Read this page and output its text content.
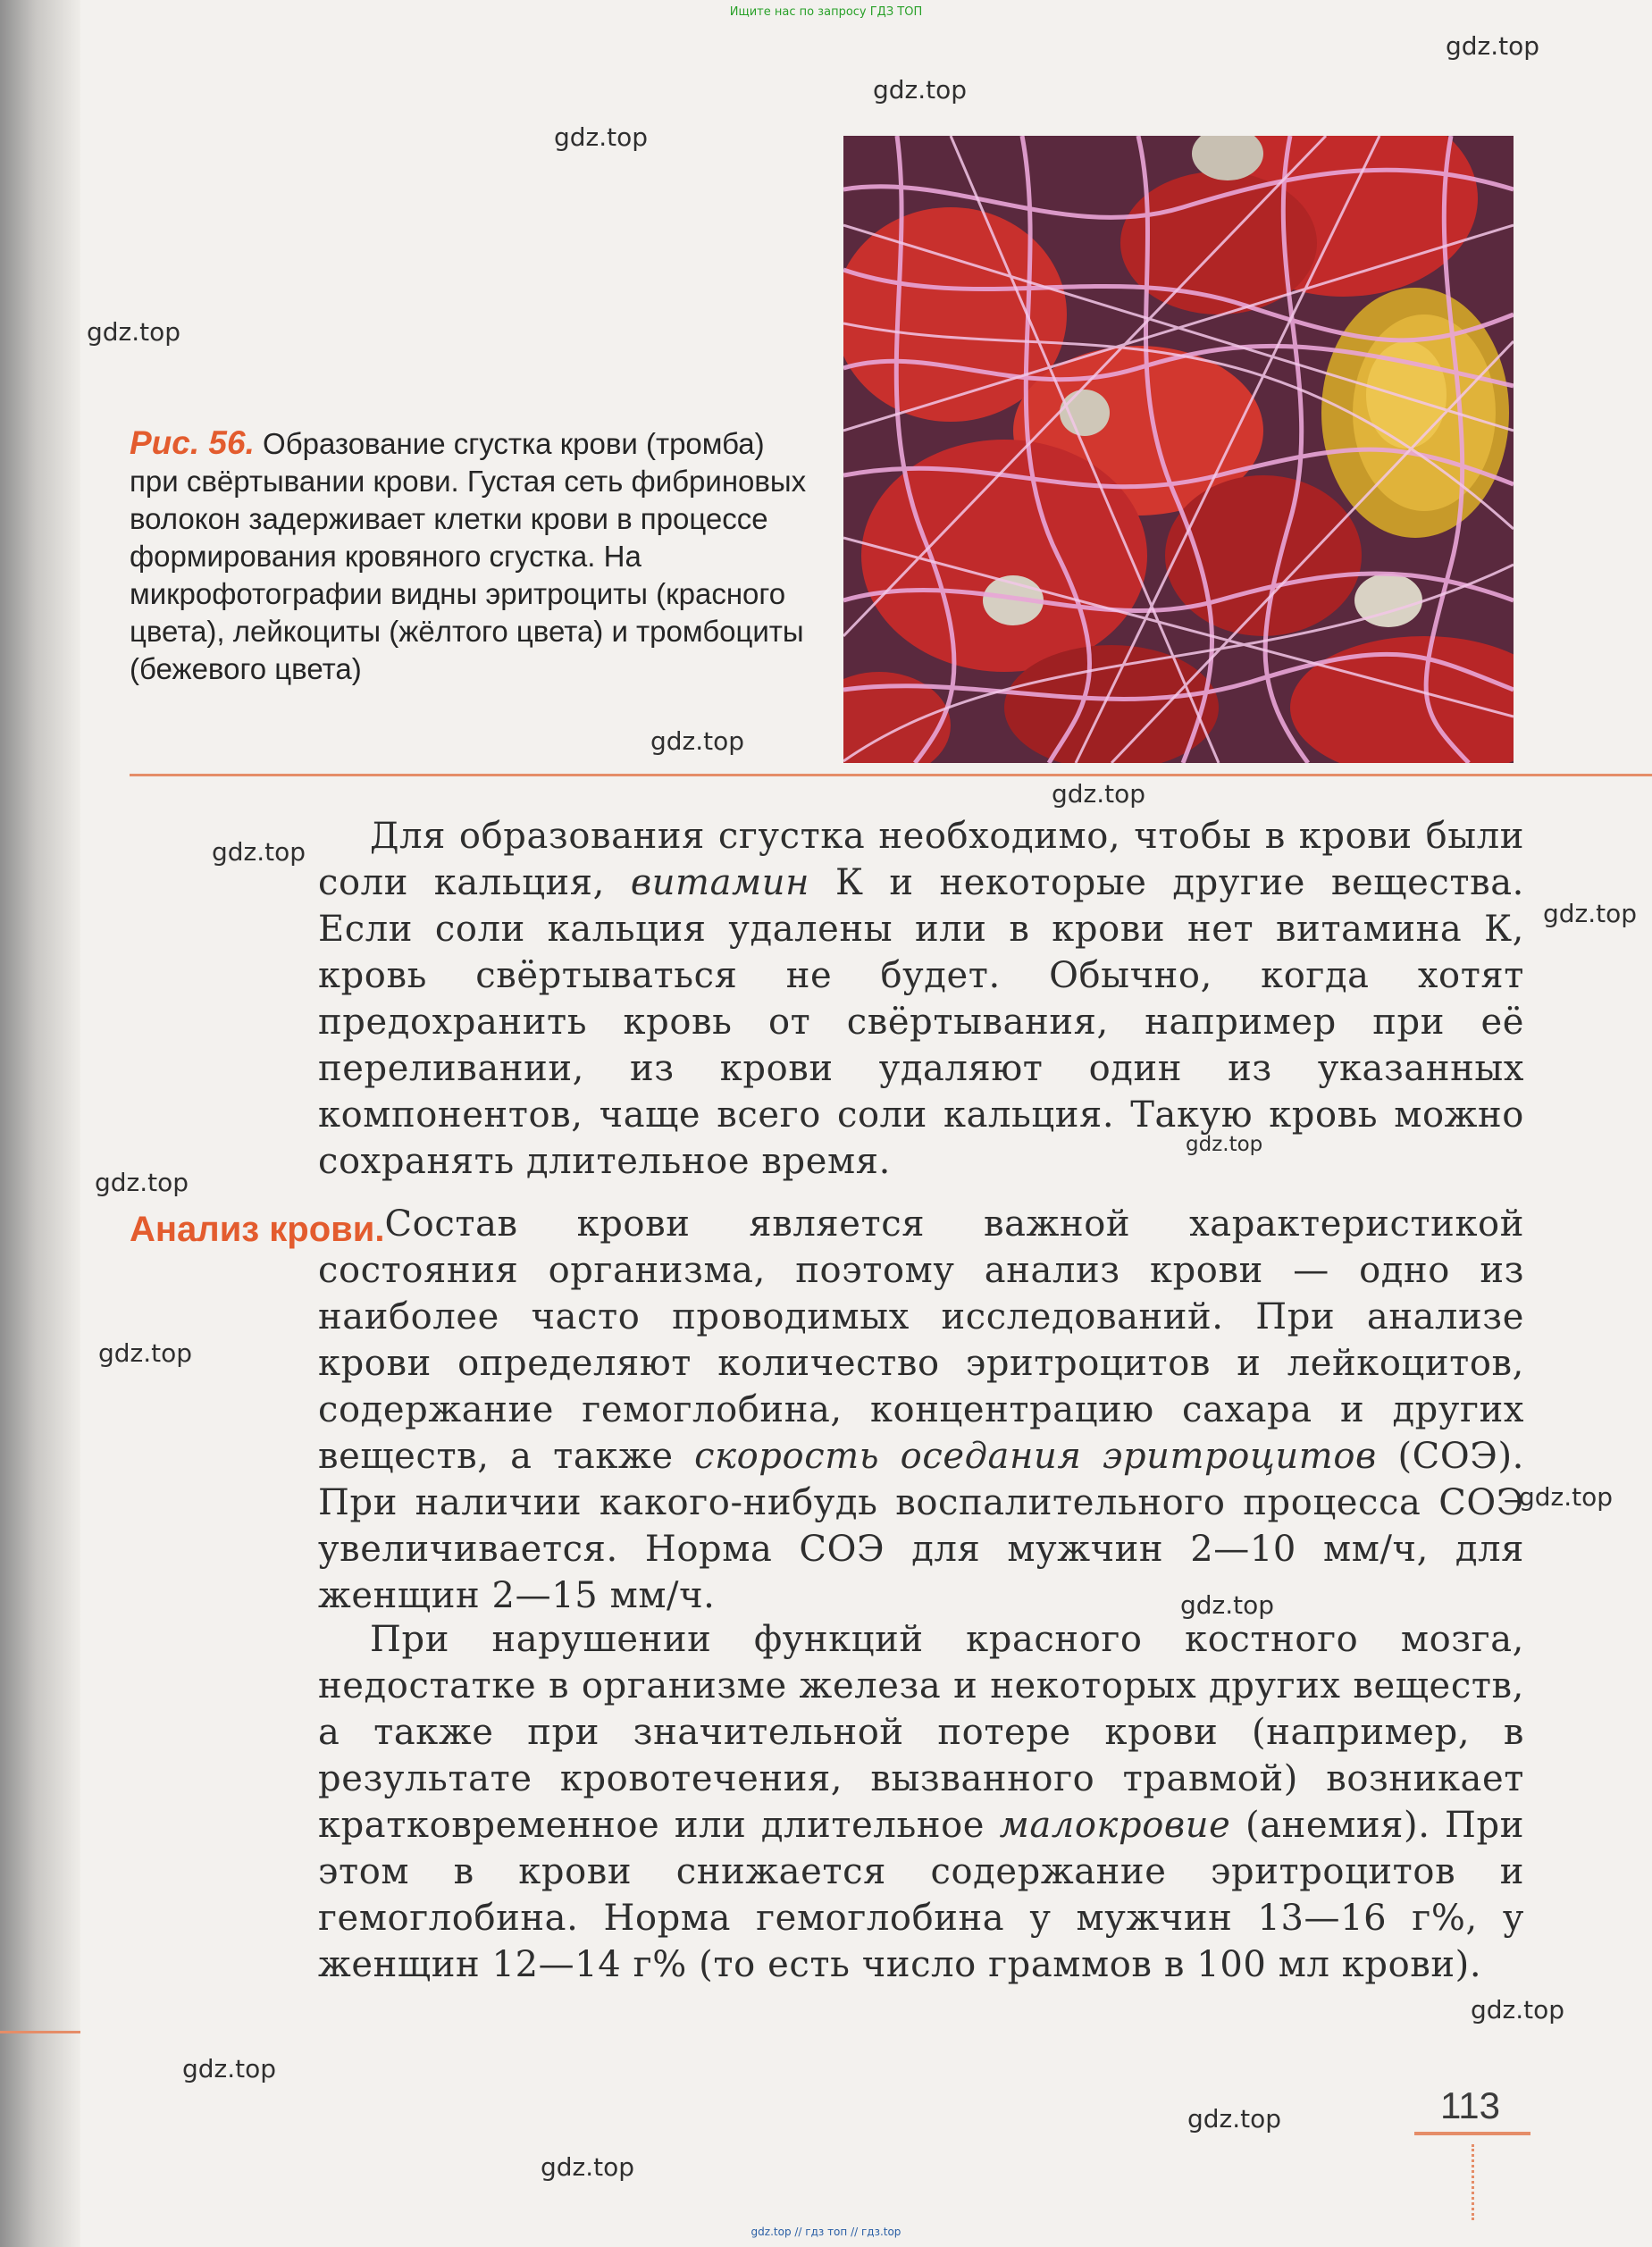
Ищите нас по запросу ГДЗ ТОП
gdz.top
gdz.top
gdz.top
gdz.top
gdz.top
gdz.top
gdz.top
gdz.top
gdz.top
gdz.top
gdz.top
gdz.top
gdz.top
gdz.top
gdz.top
gdz.top
gdz.top
Рис. 56. Образование сгустка крови (тромба) при свёртывании крови. Густая сеть фибриновых волокон задерживает клетки крови в процессе формирования кровяного сгустка. На микрофотографии видны эритроциты (красного цвета), лейкоциты (жёлтого цвета) и тромбоциты (бежевого цвета)

Для образования сгустка необходимо, чтобы в крови были соли кальция, витамин К и некоторые другие вещества. Если соли кальция удалены или в крови нет витамина К, кровь свёртываться не будет. Обычно, когда хотят предохранить кровь от свёртывания, например при её переливании, из крови удаляют один из указанных компонентов, чаще всего соли кальция. Такую кровь можно сохранять длительное время.

Анализ крови. Состав крови является важной характеристикой состояния организма, поэтому анализ крови — одно из наиболее часто проводимых исследований. При анализе крови определяют количество эритроцитов и лейкоцитов, содержание гемоглобина, концентрацию сахара и других веществ, а также скорость оседания эритроцитов (СОЭ). При наличии какого-нибудь воспалительного процесса СОЭ увеличивается. Норма СОЭ для мужчин 2—10 мм/ч, для женщин 2—15 мм/ч.

При нарушении функций красного костного мозга, недостатке в организме железа и некоторых других веществ, а также при значительной потере крови (например, в результате кровотечения, вызванного травмой) возникает кратковременное или длительное малокровие (анемия). При этом в крови снижается содержание эритроцитов и гемоглобина. Норма гемоглобина у мужчин 13—16 г%, у женщин 12—14 г% (то есть число граммов в 100 мл крови).

113
gdz.top // гдз топ // гдз.top
